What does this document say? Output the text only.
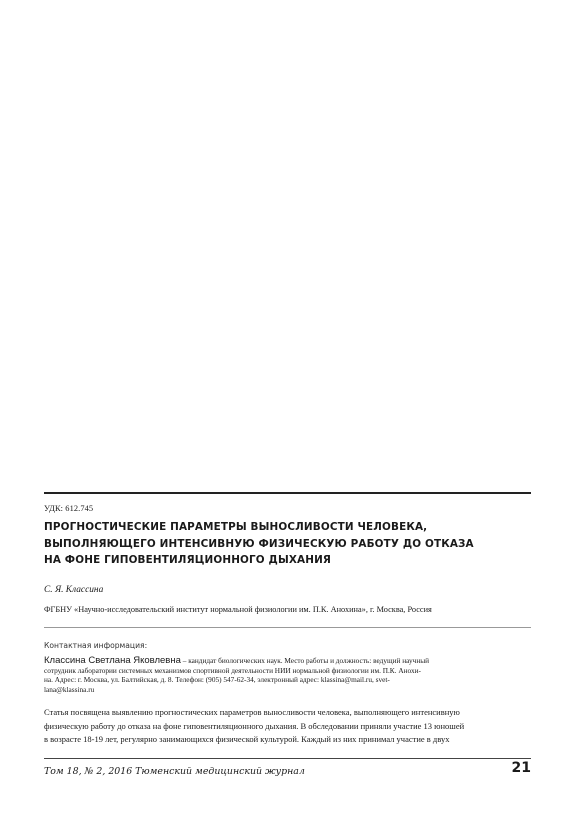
УДК: 612.745
ПРОГНОСТИЧЕСКИЕ ПАРАМЕТРЫ ВЫНОСЛИВОСТИ ЧЕЛОВЕКА,
ВЫПОЛНЯЮЩЕГО ИНТЕНСИВНУЮ ФИЗИЧЕСКУЮ РАБОТУ ДО ОТКАЗА
НА ФОНЕ ГИПОВЕНТИЛЯЦИОННОГО ДЫХАНИЯ
С. Я. Классина
ФГБНУ «Научно-исследовательский институт нормальной физиологии им. П.К. Анохина», г. Москва, Россия
Контактная информация:
Классина Светлана Яковлевна – кандидат биологических наук. Место работы и должность: ведущий научный
сотрудник лаборатории системных механизмов спортивной деятельности НИИ нормальной физиологии им. П.К. Анохи-
на. Адрес: г. Москва, ул. Балтийская, д. 8. Телефон: (905) 547-62-34, электронный адрес: klassina@mail.ru, svet-
lana@klassina.ru
Статья посвящена выявлению прогностических параметров выносливости человека, выполняющего интенсивную
физическую работу до отказа на фоне гиповентиляционного дыхания. В обследовании приняли участие 13 юношей
в возрасте 18-19 лет, регулярно занимающихся физической культурой. Каждый из них принимал участие в двух
Том 18, № 2, 2016 Тюменский медицинский журнал	21
